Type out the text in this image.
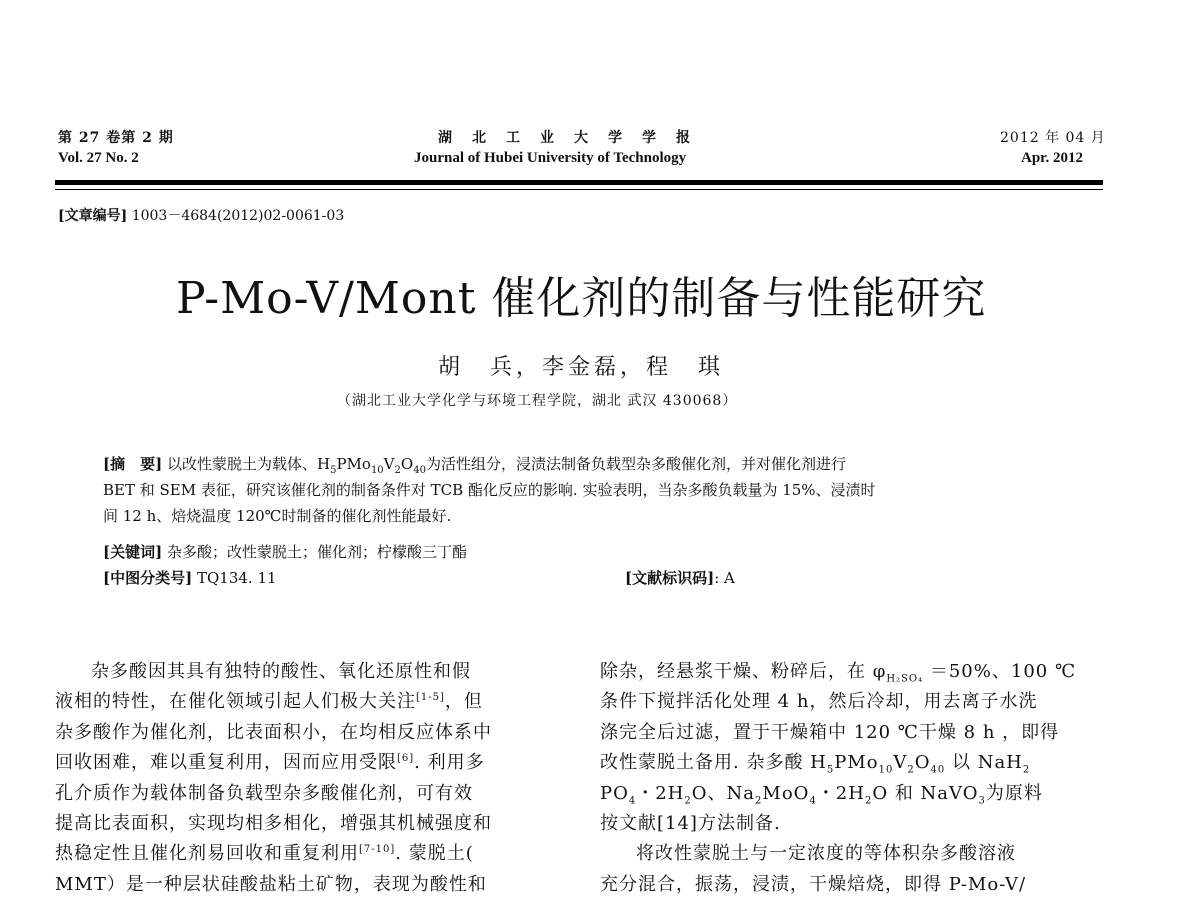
第 27 卷第 2 期
Vol. 27 No. 2
湖　北　工　业　大　学　学　报
Journal of Hubei University of Technology
2012 年 04 月
Apr. 2012
[文章编号] 1003－4684(2012)02-0061-03
P-Mo-V/Mont 催化剂的制备与性能研究
胡　兵，李金磊，程　琪
（湖北工业大学化学与环境工程学院，湖北 武汉 430068）
[摘　要] 以改性蒙脱土为载体、$H_5PMo_{10}V_2O_{40}$为活性组分，浸渍法制备负载型杂多酸催化剂，并对催化剂进行
BET 和 SEM 表征，研究该催化剂的制备条件对 TCB 酯化反应的影响. 实验表明，当杂多酸负载量为 15%、浸渍时
间 12 h、焙烧温度 120℃时制备的催化剂性能最好.
[关键词] 杂多酸；改性蒙脱土；催化剂；柠檬酸三丁酯
[中图分类号] TQ134. 11	[文献标识码]: A

杂多酸因其具有独特的酸性、氧化还原性和假

液相的特性，在催化领域引起人们极大关注[1-5]，但

杂多酸作为催化剂，比表面积小，在均相反应体系中

回收困难，难以重复利用，因而应用受限[6]. 利用多

孔介质作为载体制备负载型杂多酸催化剂，可有效

提高比表面积，实现均相多相化，增强其机械强度和

热稳定性且催化剂易回收和重复利用[7-10]. 蒙脱土(

MMT）是一种层状硅酸盐粘土矿物，表现为酸性和

除杂，经悬浆干燥、粉碎后，在 $\varphi_{H_2SO_4} =50\%$、100 ℃

条件下搅拌活化处理 4 h，然后冷却，用去离子水洗

涤完全后过滤，置于干燥箱中 120 ℃干燥 8 h ，即得

改性蒙脱土备用. 杂多酸 $H_5PMo_{10}V_2O_{40}$ 以 NaH$_2$

$PO_4$・$2H_2O$、$Na_2MoO_4$・$2H_2O$ 和 NaVO$_3$为原料

按文献[14]方法制备.

将改性蒙脱土与一定浓度的等体积杂多酸溶液

充分混合，振荡，浸渍，干燥焙烧，即得 P-Mo-V/
